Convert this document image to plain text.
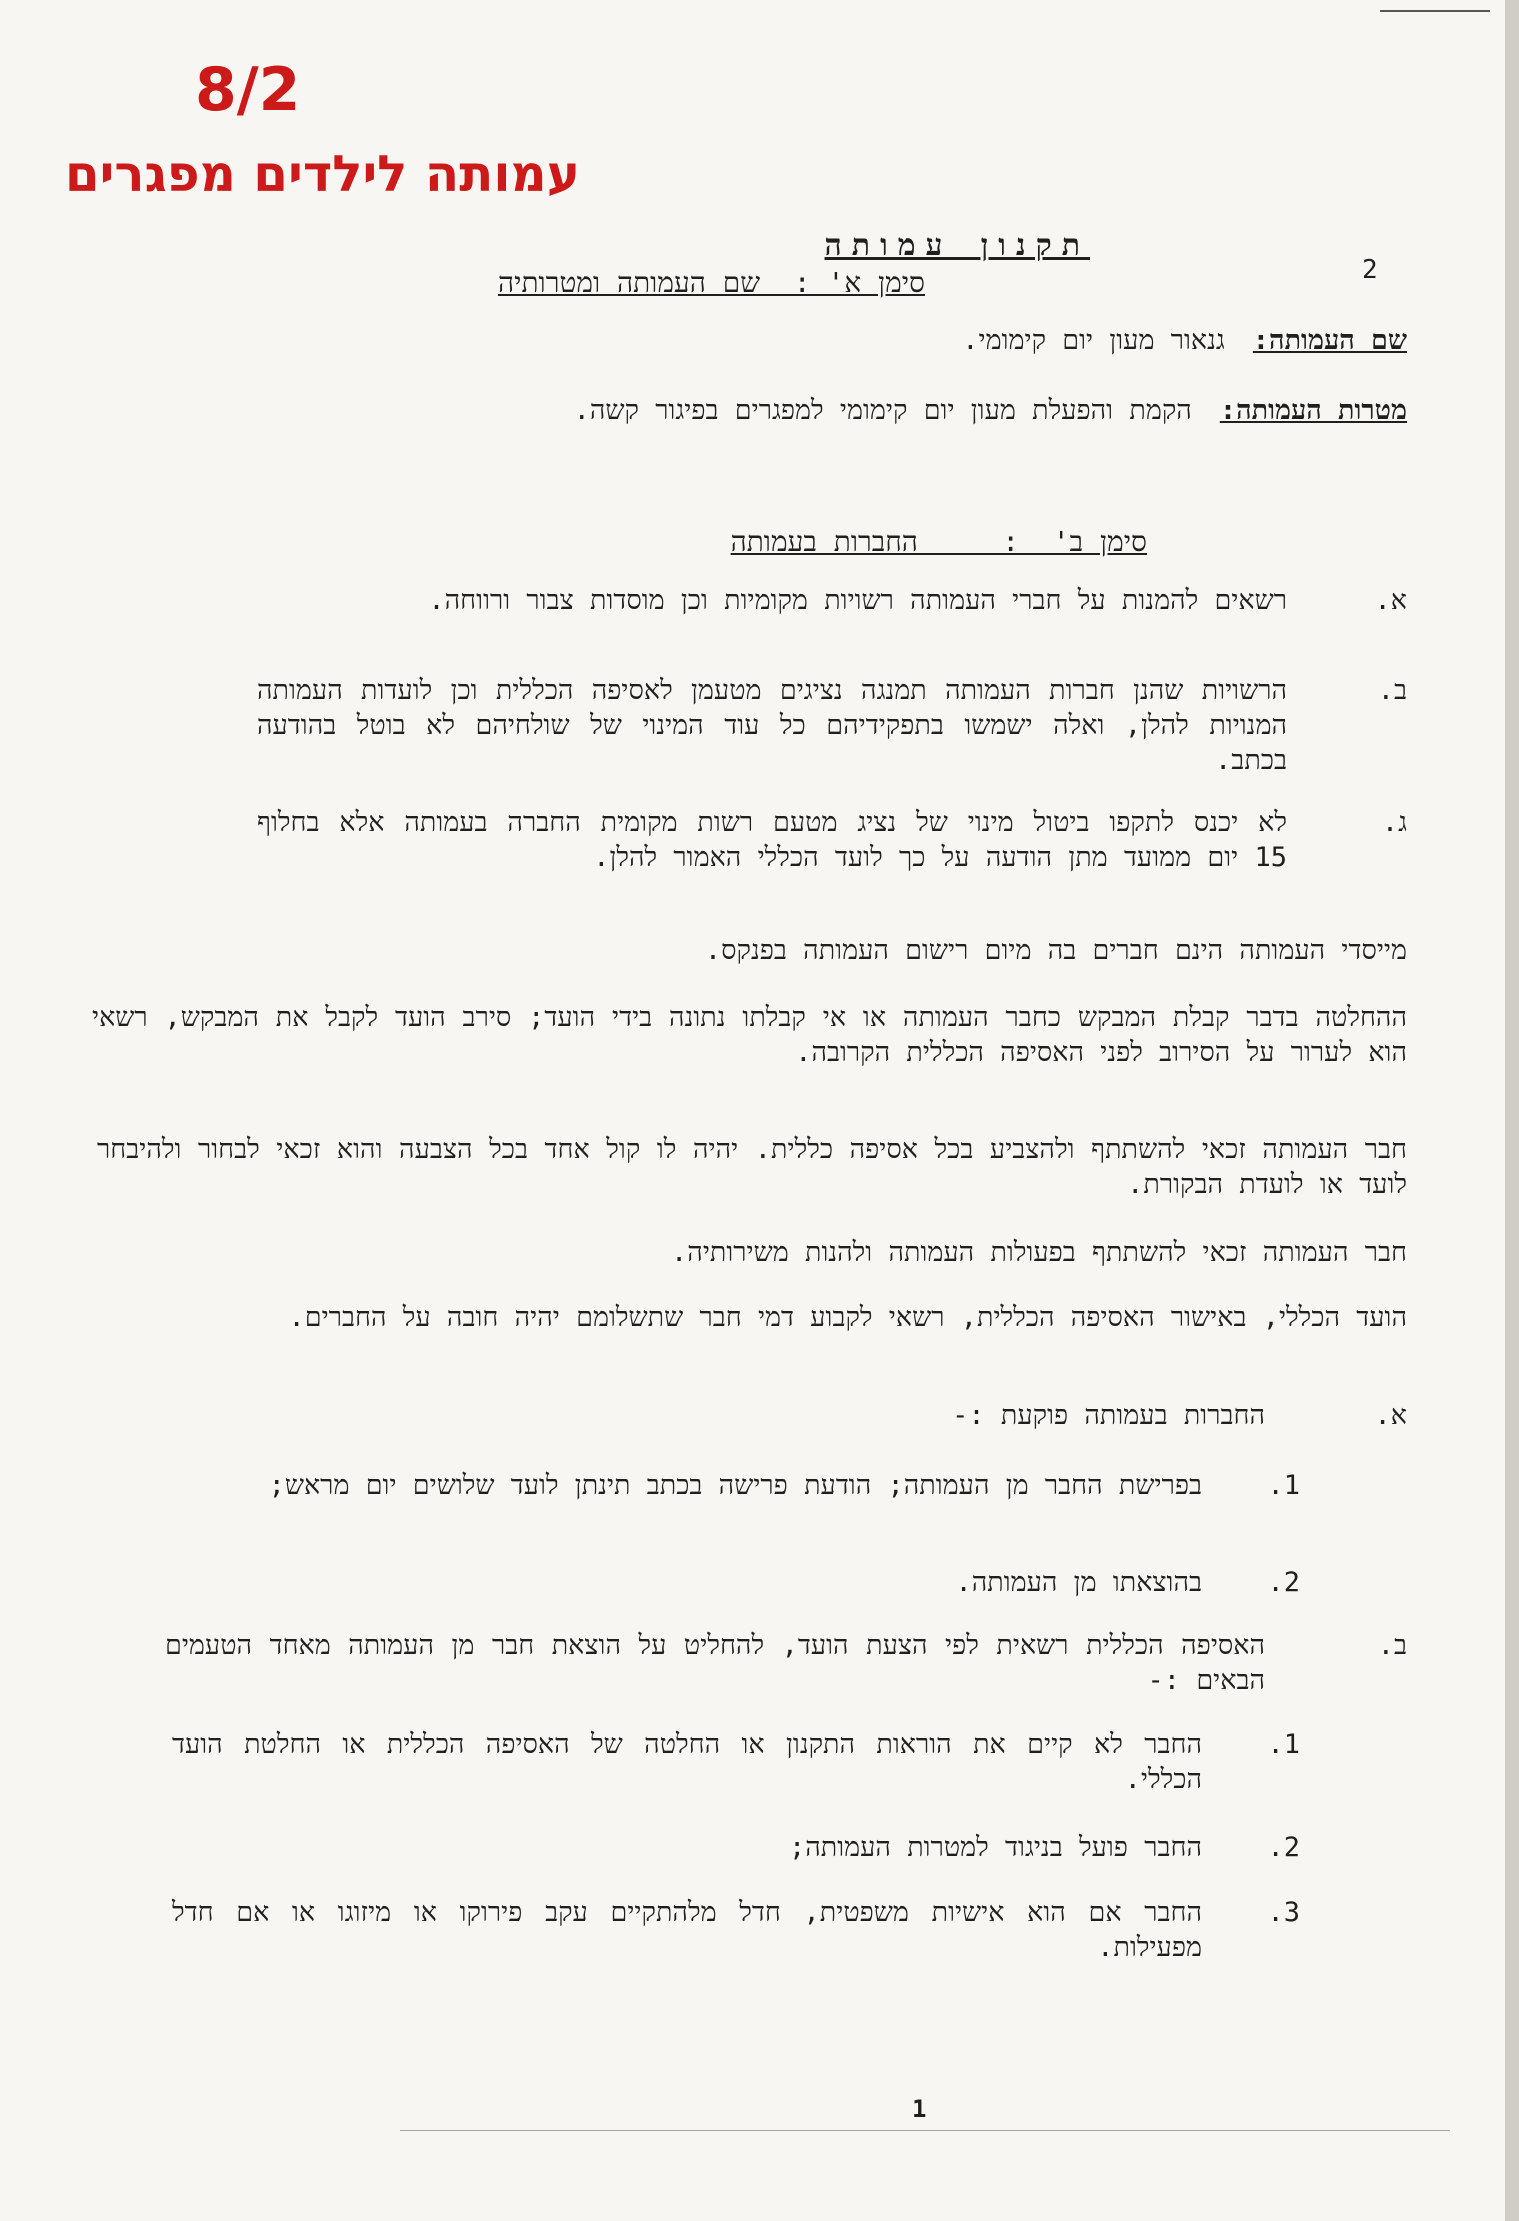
8/2
עמותה לילדים מפגרים
2
תקנון עמותה
סימן א' :  שם העמותה ומטרותיה
שם העמותה:גנאור מעון יום קימומי.
מטרות העמותה:הקמת והפעלת מעון יום קימומי למפגרים בפיגור קשה.
סימן ב'  :     החברות בעמותה
א.
רשאים להמנות על חברי העמותה רשויות מקומיות וכן מוסדות צבור ורווחה.
ב.
הרשויות שהנן חברות העמותה תמנגה נציגים מטעמן לאסיפה הכללית וכן לועדות העמותה המנויות להלן, ואלה ישמשו בתפקידיהם כל עוד המינוי של שולחיהם לא בוטל בהודעה בכתב.
ג.
לא יכנס לתקפו ביטול מינוי של נציג מטעם רשות מקומית החברה בעמותה אלא בחלוף 15 יום ממועד מתן הודעה על כך לועד הכללי האמור להלן.
מייסדי העמותה הינם חברים בה מיום רישום העמותה בפנקס.
ההחלטה בדבר קבלת המבקש כחבר העמותה או אי קבלתו נתונה בידי הועד; סירב הועד לקבל את המבקש, רשאי הוא לערור על הסירוב לפני האסיפה הכללית הקרובה.
חבר העמותה זכאי להשתתף ולהצביע בכל אסיפה כללית. יהיה לו קול אחד בכל הצבעה והוא זכאי לבחור ולהיבחר לועד או לועדת הבקורת.
חבר העמותה זכאי להשתתף בפעולות העמותה ולהנות משירותיה.
הועד הכללי, באישור האסיפה הכללית, רשאי לקבוע דמי חבר שתשלומם יהיה חובה על החברים.
א.
החברות בעמותה פוקעת :-
1.
בפרישת החבר מן העמותה; הודעת פרישה בכתב תינתן לועד שלושים יום מראש;
2.
בהוצאתו מן העמותה.
ב.
האסיפה הכללית רשאית לפי הצעת הועד, להחליט על הוצאת חבר מן העמותה מאחד הטעמים הבאים :-
1.
החבר לא קיים את הוראות התקנון או החלטה של האסיפה הכללית או החלטת הועד הכללי.
2.
החבר פועל בניגוד למטרות העמותה;
3.
החבר אם הוא אישיות משפטית, חדל מלהתקיים עקב פירוקו או מיזוגו או אם חדל מפעילות.
1
